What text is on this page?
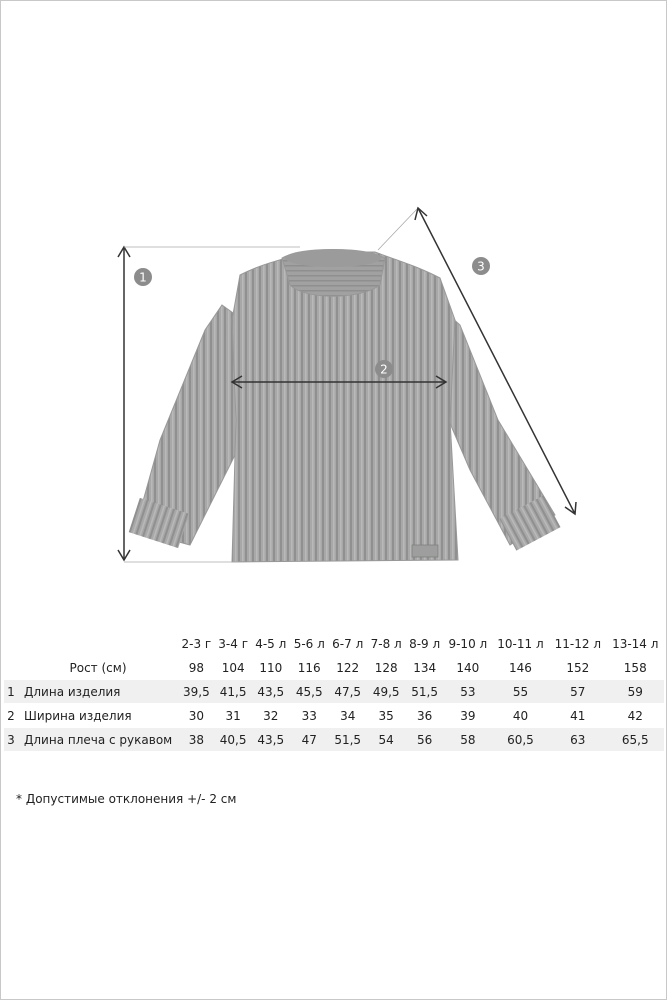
1
2
3
		2-3 г	3-4 г	4-5 л	5-6 л	6-7 л	7-8 л	8-9 л	9-10 л	10-11 л	11-12 л	13-14 л
	Рост (см)	98	104	110	116	122	128	134	140	146	152	158
1	Длина изделия	39,5	41,5	43,5	45,5	47,5	49,5	51,5	53	55	57	59
2	Ширина изделия	30	31	32	33	34	35	36	39	40	41	42
3	Длина плеча с рукавом	38	40,5	43,5	47	51,5	54	56	58	60,5	63	65,5
* Допустимые отклонения +/- 2 см
